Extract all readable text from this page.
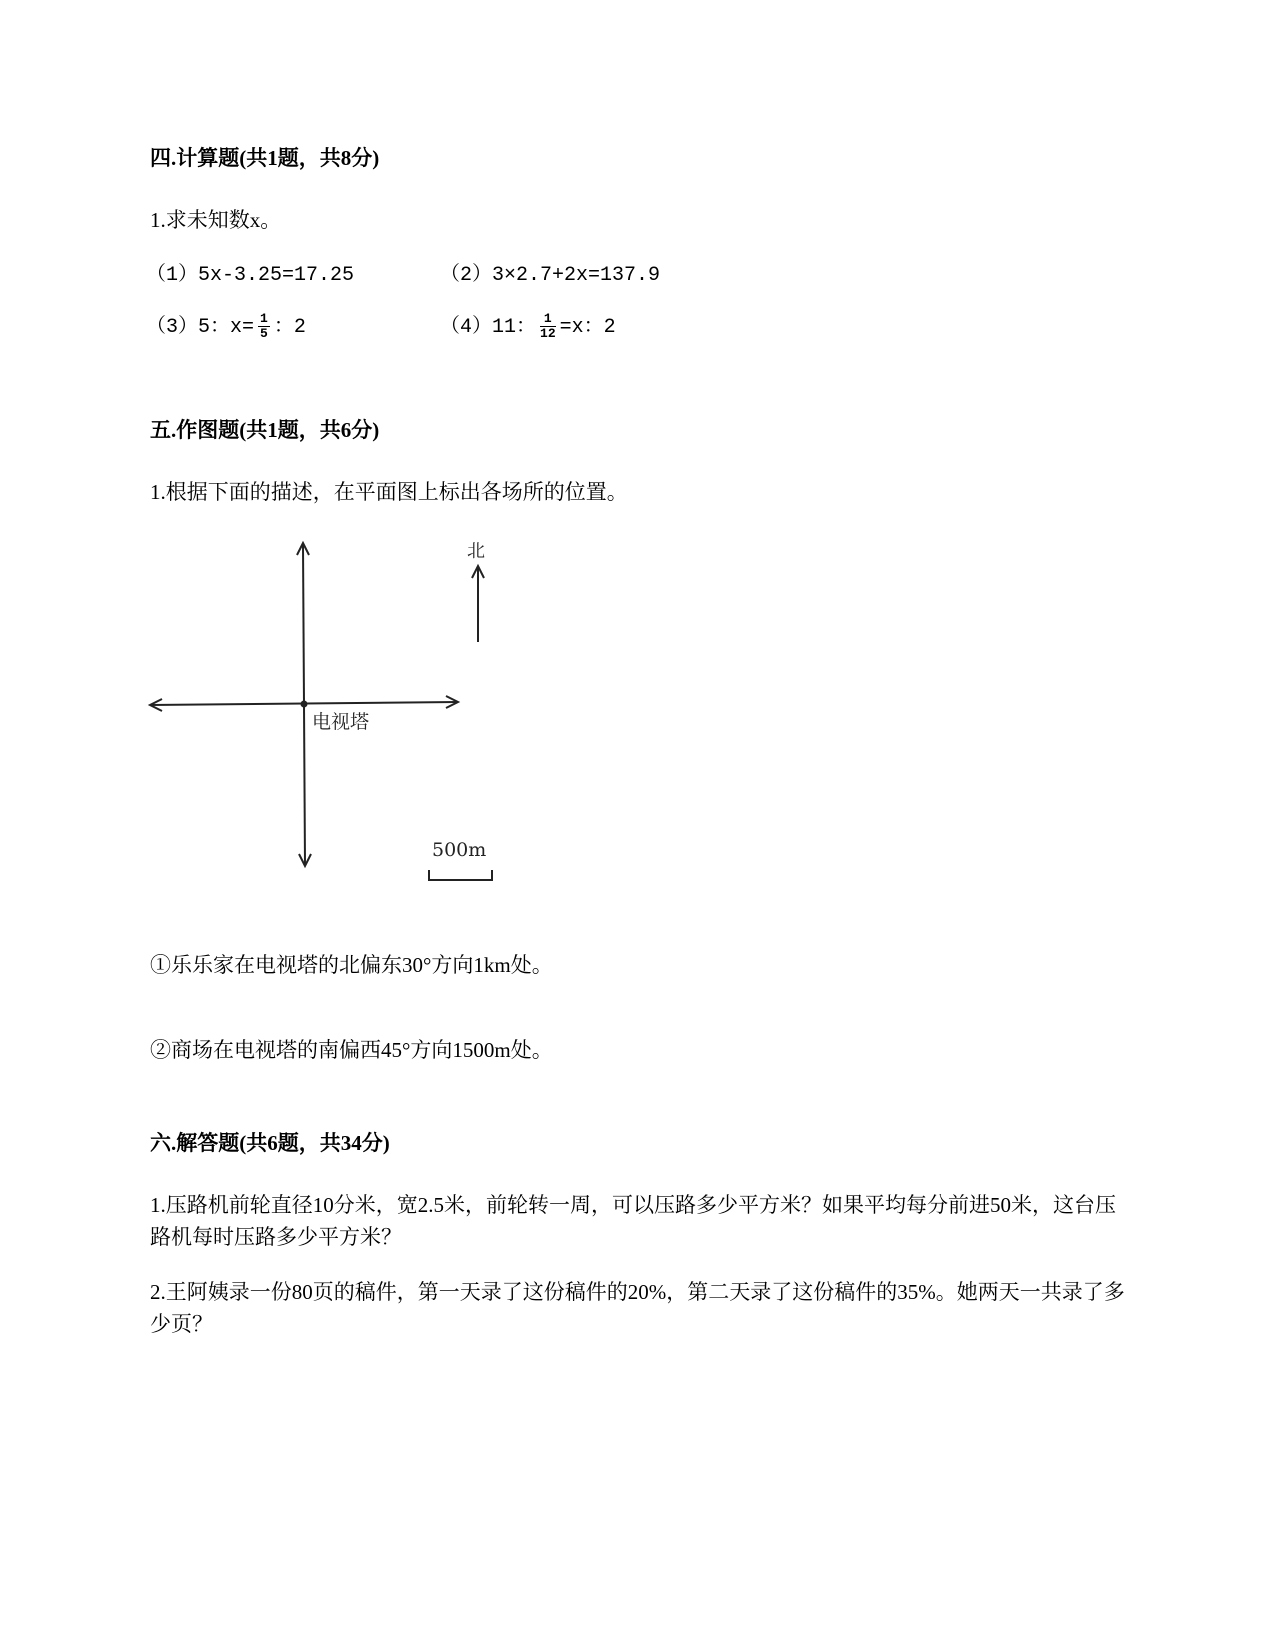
四.计算题(共1题，共8分)
1.求未知数x。
（1）5x-3.25=17.25	（2）3×2.7+2x=137.9
（3）5：$x= \frac{1}{5}$ ：2	（4）11： $\frac{1}{12} =x$：2
五.作图题(共1题，共6分)
1.根据下面的描述，在平面图上标出各场所的位置。
电视塔
北
500m
①乐乐家在电视塔的北偏东30°方向1km处。
②商场在电视塔的南偏西45°方向1500m处。
六.解答题(共6题，共34分)
1.压路机前轮直径10分米，宽2.5米，前轮转一周，可以压路多少平方米？如果平均每分前进50米，这台压路机每时压路多少平方米？
2.王阿姨录一份80页的稿件，第一天录了这份稿件的20%，第二天录了这份稿件的35%。她两天一共录了多少页？
